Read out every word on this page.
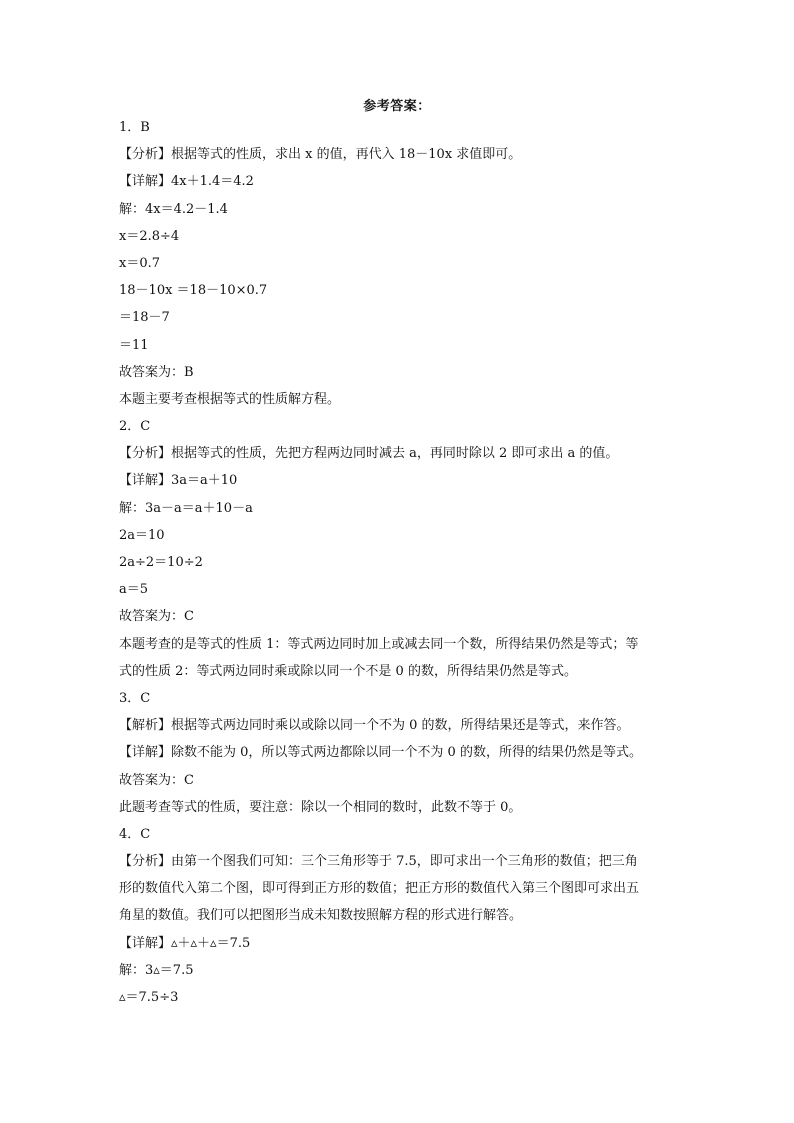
参考答案：
1．B
【分析】根据等式的性质，求出 x 的值，再代入 18－10x 求值即可。
【详解】4x＋1.4＝4.2
解：4x＝4.2－1.4
x＝2.8÷4
x＝0.7
18－10x ＝18－10×0.7
＝18－7
＝11
故答案为：B
本题主要考查根据等式的性质解方程。
2．C
【分析】根据等式的性质，先把方程两边同时减去 a，再同时除以 2 即可求出 a 的值。
【详解】3a＝a＋10
解：3a－a＝a＋10－a
2a＝10
2a÷2＝10÷2
a＝5
故答案为：C
本题考查的是等式的性质 1：等式两边同时加上或减去同一个数，所得结果仍然是等式；等
式的性质 2：等式两边同时乘或除以同一个不是 0 的数，所得结果仍然是等式。
3．C
【解析】根据等式两边同时乘以或除以同一个不为 0 的数，所得结果还是等式，来作答。
【详解】除数不能为 0，所以等式两边都除以同一个不为 0 的数，所得的结果仍然是等式。
故答案为：C
此题考查等式的性质，要注意：除以一个相同的数时，此数不等于 0。
4．C
【分析】由第一个图我们可知：三个三角形等于 7.5，即可求出一个三角形的数值；把三角
形的数值代入第二个图，即可得到正方形的数值；把正方形的数值代入第三个图即可求出五
角星的数值。我们可以把图形当成未知数按照解方程的形式进行解答。
【详解】▵＋▵＋▵＝7.5
解：3▵＝7.5
▵＝7.5÷3
